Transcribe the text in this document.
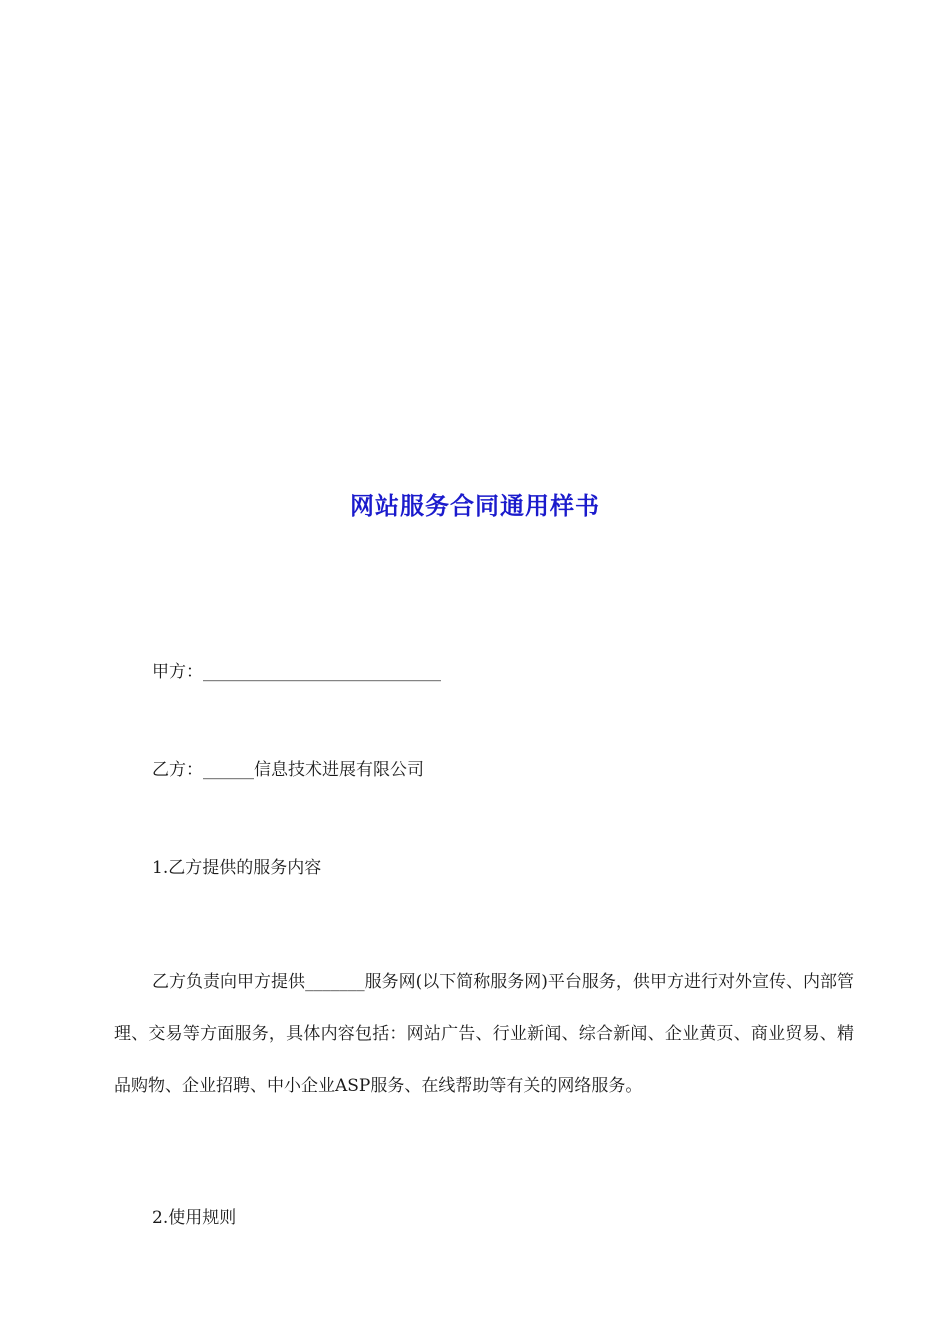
网站服务合同通用样书
甲方：____________________________
乙方：______信息技术进展有限公司
1.乙方提供的服务内容
乙方负责向甲方提供_______服务网(以下简称服务网)平台服务，供甲方进行对外宣传、内部管理、交易等方面服务，具体内容包括：网站广告、行业新闻、综合新闻、企业黄页、商业贸易、精品购物、企业招聘、中小企业ASP服务、在线帮助等有关的网络服务。
2.使用规则
